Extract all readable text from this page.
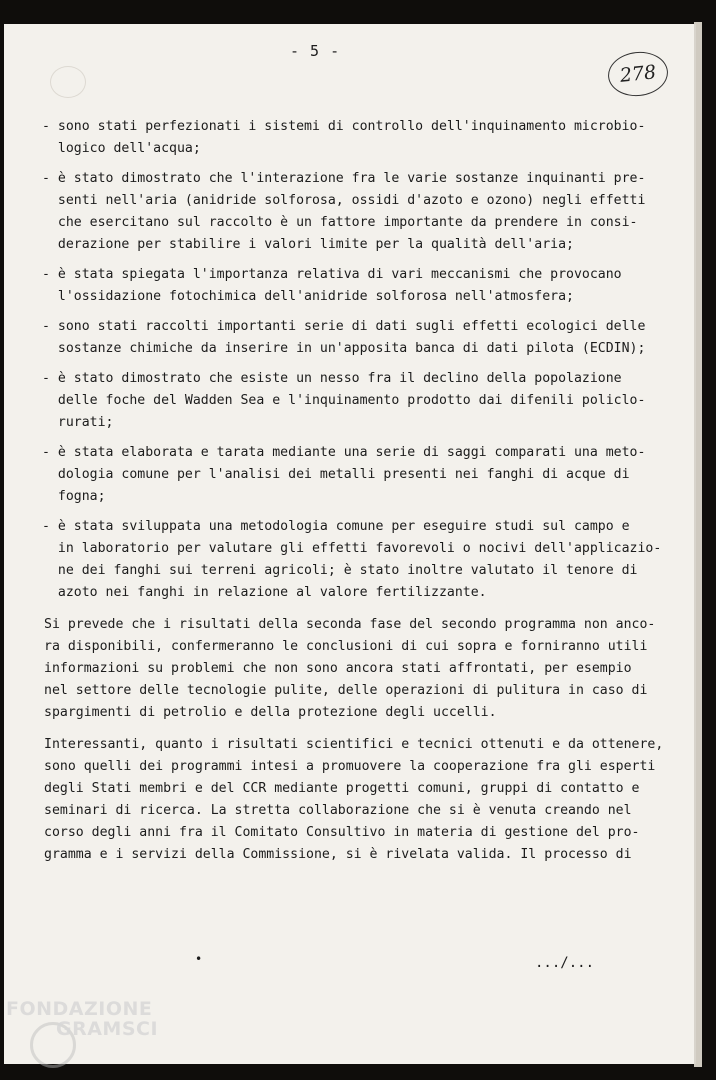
- 5 -
278
- sono stati perfezionati i sistemi di controllo dell'inquinamento microbio-
logico dell'acqua;
- è stato dimostrato che l'interazione fra le varie sostanze inquinanti pre-
senti nell'aria (anidride solforosa, ossidi d'azoto e ozono) negli effetti
che esercitano sul raccolto è un fattore importante da prendere in consi-
derazione per stabilire i valori limite per la qualità dell'aria;
- è stata spiegata l'importanza relativa di vari meccanismi che provocano
l'ossidazione fotochimica dell'anidride solforosa nell'atmosfera;
- sono stati raccolti importanti serie di dati sugli effetti ecologici delle
sostanze chimiche da inserire in un'apposita banca di dati pilota (ECDIN);
- è stato dimostrato che esiste un nesso fra il declino della popolazione
delle foche del Wadden Sea e l'inquinamento prodotto dai difenili policlo-
rurati;
- è stata elaborata e tarata mediante una serie di saggi comparati una meto-
dologia comune per l'analisi dei metalli presenti nei fanghi di acque di
fogna;
- è stata sviluppata una metodologia comune per eseguire studi sul campo e
in laboratorio per valutare gli effetti favorevoli o nocivi dell'applicazio-
ne dei fanghi sui terreni agricoli; è stato inoltre valutato il tenore di
azoto nei fanghi in relazione al valore fertilizzante.
Si prevede che i risultati della seconda fase del secondo programma non anco-
ra disponibili, confermeranno le conclusioni di cui sopra e forniranno utili
informazioni su problemi che non sono ancora stati affrontati, per esempio
nel settore delle tecnologie pulite, delle operazioni di pulitura in caso di
spargimenti di petrolio e della protezione degli uccelli.
Interessanti, quanto i risultati scientifici e tecnici ottenuti e da ottenere,
sono quelli dei programmi intesi a promuovere la cooperazione fra gli esperti
degli Stati membri e del CCR mediante progetti comuni, gruppi di contatto e
seminari di ricerca. La stretta collaborazione che si è venuta creando nel
corso degli anni fra il Comitato Consultivo in materia di gestione del pro-
gramma e i servizi della Commissione, si è rivelata valida. Il processo di
•	.../...
FONDAZIONE
GRAMSCI
